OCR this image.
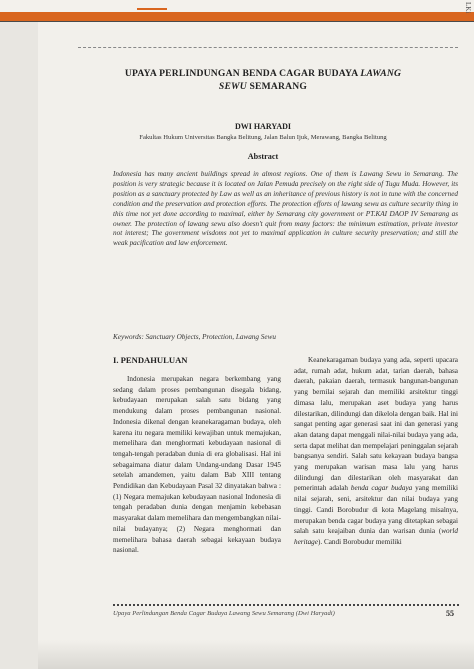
LKi
UPAYA PERLINDUNGAN BENDA CAGAR BUDAYA LAWANG
SEWU SEMARANG
DWI HARYADI
Fakultas Hukum Universitas Bangka Belitung, Jalan Balun Ijuk, Merawang, Bangka Belitung
Abstract

Indonesia has many ancient buildings spread in almost regions. One of them is Lawang Sewu in Semarang. The position is very strategic because it is located on Jalan Pemuda precisely on the right side of Tugu Muda. However, its position as a sanctuary protected by Law as well as an inheritance of previous history is not in tune with the concerned condition and the preservation and protection efforts. The protection efforts of lawang sewu as culture security thing in this time not yet done according to maximal, either by Semarang city government or PT.KAI DAOP IV Semarang as owner. The protection of lawang sewu also doesn't quit from many factors: the minimum estimation, private investor not interest; The government wisdoms not yet to maximal application in culture security preservation; and still the weak pacification and law enforcement.

Keywords: Sanctuary Objects, Protection, Lawang Sewu

I. PENDAHULUAN

Indonesia merupakan negara berkembang yang sedang dalam proses pembangunan disegala bidang, kebudayaan merupakan salah satu bidang yang mendukung dalam proses pembangunan nasional. Indonesia dikenal dengan keanekaragaman budaya, oleh karena itu negara memiliki kewajiban untuk memajukan, memelihara dan menghormati kebudayaan nasional di tengah-tengah peradaban dunia di era globalisasi. Hal ini sebagaimana diatur dalam Undang-undang Dasar 1945 setelah amandemen, yaitu dalam Bab XIII tentang Pendidikan dan Kebudayaan Pasal 32 dinyatakan bahwa : (1) Negara memajukan kebudayaan nasional Indonesia di tengah peradaban dunia dengan menjamin kebebasan masyarakat dalam memelihara dan mengembangkan nilai-nilai budayanya; (2) Negara menghormati dan memelihara bahasa daerah sebagai kekayaan budaya nasional.

Keanekaragaman budaya yang ada, seperti upacara adat, rumah adat, hukum adat, tarian daerah, bahasa daerah, pakaian daerah, termasuk bangunan-bangunan yang bernilai sejarah dan memiliki arsitektur tinggi dimasa lalu, merupakan aset budaya yang harus dilestarikan, dilindungi dan dikelola dengan baik. Hal ini sangat penting agar generasi saat ini dan generasi yang akan datang dapat menggali nilai-nilai budaya yang ada, serta dapat melihat dan mempelajari peninggalan sejarah bangsanya sendiri. Salah satu kekayaan budaya bangsa yang merupakan warisan masa lalu yang harus dilindungi dan dilestarikan oleh masyarakat dan pemerintah adalah benda cagar budaya yang memiliki nilai sejarah, seni, arsitektur dan nilai budaya yang tinggi. Candi Borobudur di kota Magelang misalnya, merupakan benda cagar budaya yang ditetapkan sebagai salah satu keajaiban dunia dan warisan dunia (world heritage). Candi Borobudur memiliki

Upaya Perlindungan Benda Cagar Budaya Lawang Sewu Semarang (Dwi Haryadi)	55
